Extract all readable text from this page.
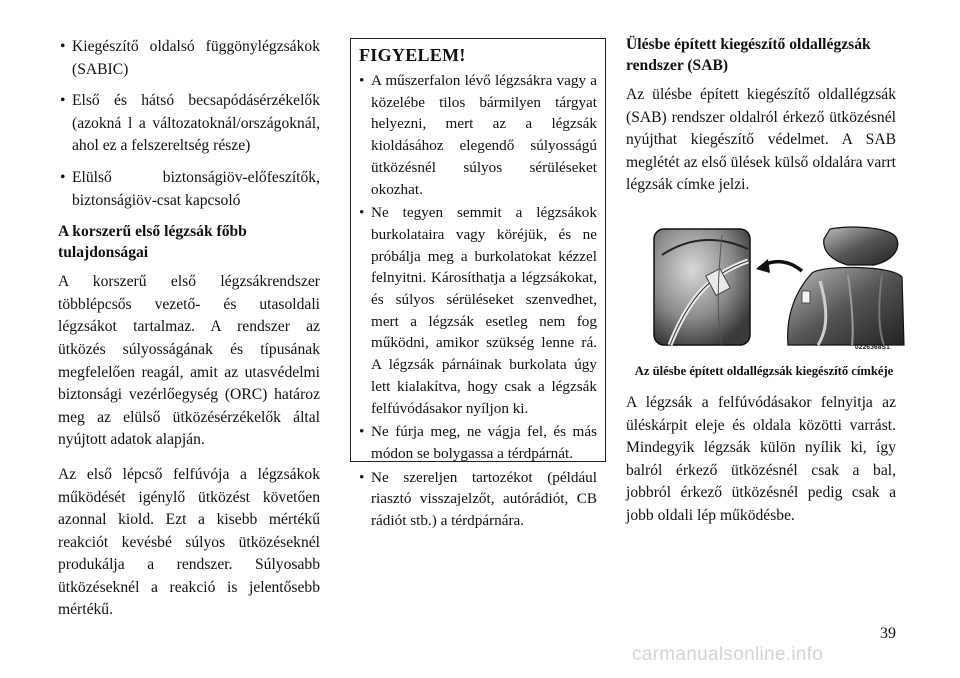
• Kiegészítő oldalsó függönylégzsákok (SABIC)
• Első és hátsó becsapódásérzékelők (azokná l a változatoknál/országoknál, ahol ez a felszereltség része)
• Elülső biztonságiöv-előfeszítők, biztonságiöv-csat kapcsoló
A korszerű első légzsák főbb tulajdonságai

A korszerű első légzsákrendszer többlépcsős vezető- és utasoldali légzsákot tartalmaz. A rendszer az ütközés súlyosságának és típusának megfelelően reagál, amit az utasvédelmi biztonsági vezérlőegység (ORC) határoz meg az elülső ütközésérzékelők által nyújtott adatok alapján.

Az első lépcső felfúvója a légzsákok működését igénylő ütközést követően azonnal kiold. Ezt a kisebb mértékű reakciót kevésbé súlyos ütközéseknél produkálja a rendszer. Súlyosabb ütközéseknél a reakció is jelentősebb mértékű.

FIGYELEM!
• A műszerfalon lévő légzsákra vagy a közelébe tilos bármilyen tárgyat helyezni, mert az a légzsák kioldásához elegendő súlyosságú ütközésnél súlyos sérüléseket okozhat.
• Ne tegyen semmit a légzsákok burkolataira vagy köréjük, és ne próbálja meg a burkolatokat kézzel felnyitni. Károsíthatja a légzsákokat, és súlyos sérüléseket szenvedhet, mert a légzsák esetleg nem fog működni, amikor szükség lenne rá. A légzsák párnáinak burkolata úgy lett kialakítva, hogy csak a légzsák felfúvódásakor nyíljon ki.
• Ne fúrja meg, ne vágja fel, és más módon se bolygassa a térdpárnát.
• Ne szereljen tartozékot (például riasztó visszajelzőt, autórádiót, CB rádiót stb.) a térdpárnára.
Ülésbe épített kiegészítő oldallégzsák rendszer (SAB)

Az ülésbe épített kiegészítő oldallégzsák (SAB) rendszer oldalról érkező ütközésnél nyújthat kiegészítő védelmet. A SAB meglétét az első ülések külső oldalára varrt légzsák címke jelzi.

0226368S1
Az ülésbe épített oldallégzsák kiegészítő címkéje

A légzsák a felfúvódásakor felnyitja az üléskárpit eleje és oldala közötti varrást. Mindegyik légzsák külön nyílik ki, így balról érkező ütközésnél csak a bal, jobbról érkező ütközésnél pedig csak a jobb oldali lép működésbe.

39
carmanualsonline.info
